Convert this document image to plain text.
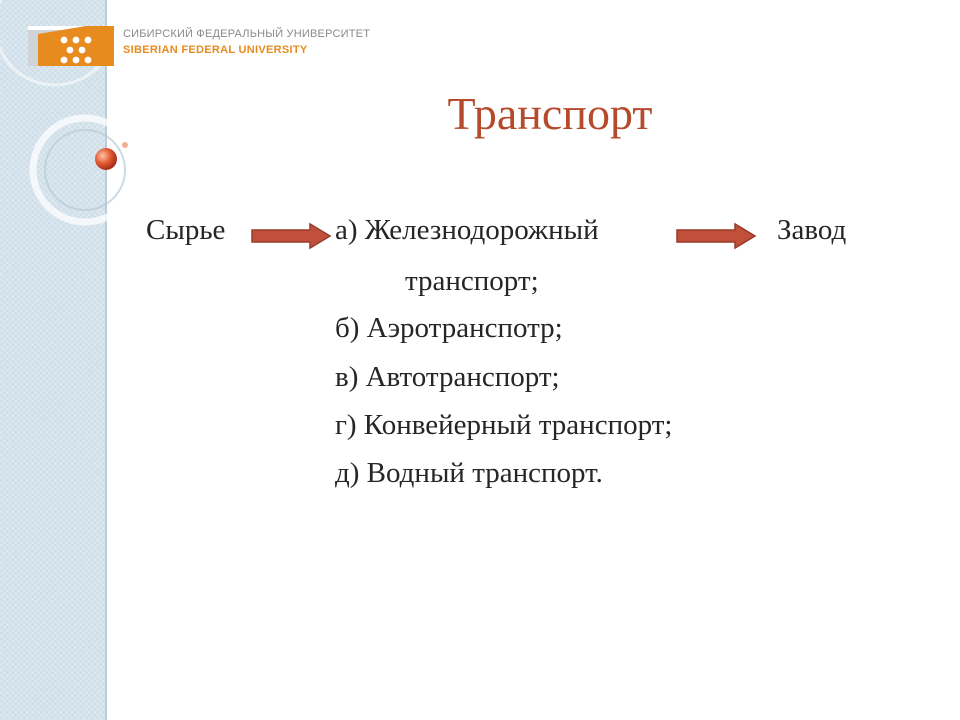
СИБИРСКИЙ ФЕДЕРАЛЬНЫЙ УНИВЕРСИТЕТ
SIBERIAN FEDERAL UNIVERSITY
Транспорт
Сырье	а) Железнодорожный	Завод
транспорт;
б) Аэротранспотр;
в) Автотранспорт;
г) Конвейерный транспорт;
д) Водный транспорт.
